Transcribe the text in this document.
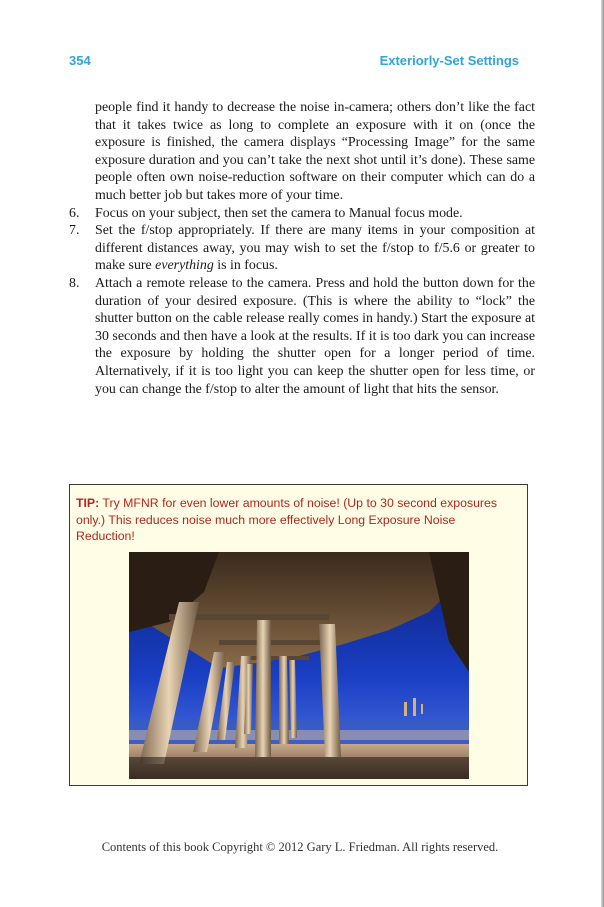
354	Exteriorly-Set Settings

people find it handy to decrease the noise in-camera; others don’t like the fact that it takes twice as long to complete an exposure with it on (once the exposure is finished, the camera displays “Processing Image” for the same exposure duration and you can’t take the next shot until it’s done). These same people often own noise-reduction software on their computer which can do a much better job but takes more of your time.

6. Focus on your subject, then set the camera to Manual focus mode.

7. Set the f/stop appropriately. If there are many items in your composition at different distances away, you may wish to set the f/stop to f/5.6 or greater to make sure everything is in focus.

8. Attach a remote release to the camera. Press and hold the button down for the duration of your desired exposure. (This is where the ability to “lock” the shutter button on the cable release really comes in handy.) Start the exposure at 30 seconds and then have a look at the results. If it is too dark you can increase the exposure by holding the shutter open for a longer period of time. Alternatively, if it is too light you can keep the shutter open for less time, or you can change the f/stop to alter the amount of light that hits the sensor.

TIP: Try MFNR for even lower amounts of noise! (Up to 30 second exposures only.) This reduces noise much more effectively Long Exposure Noise Reduction!
Contents of this book Copyright © 2012 Gary L. Friedman. All rights reserved.
